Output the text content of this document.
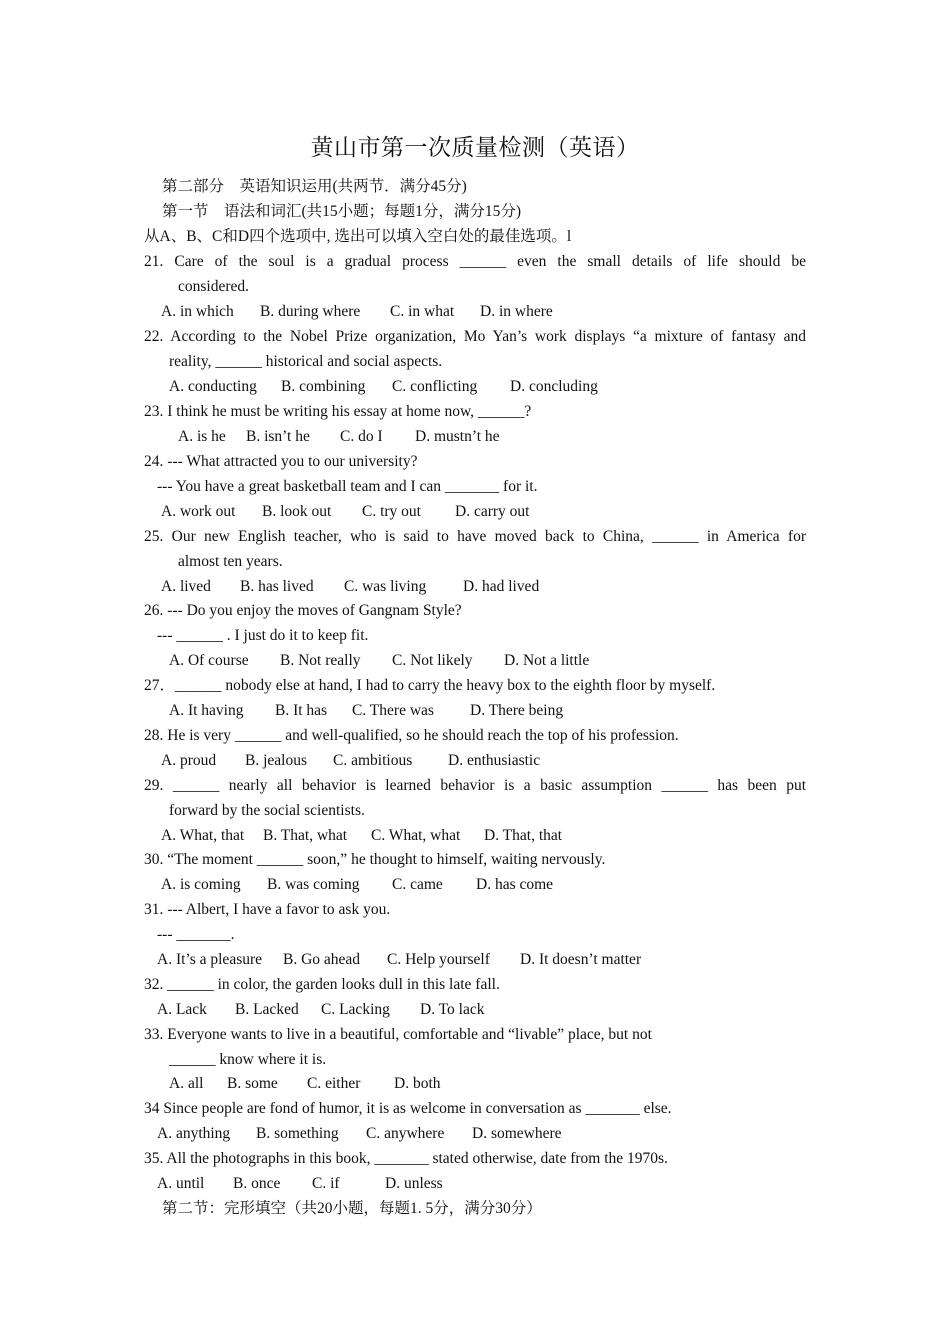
黄山市第一次质量检测（英语）
第二部分　英语知识运用(共两节．满分45分)
第一节　语法和词汇(共15小题；每题1分，满分15分)
从A、B、C和D四个选项中, 选出可以填入空白处的最佳选项。l
21. Care of the soul is a gradual process ______ even the small details of life should be
considered.
A. in which B. during where C. in what D. in where
22. According to the Nobel Prize organization, Mo Yan’s work displays “a mixture of fantasy and
reality, ______ historical and social aspects.
A. conducting B. combining C. conflicting D. concluding
23. I think he must be writing his essay at home now, ______?
A. is he B. isn’t he C. do I D. mustn’t he
24. --- What attracted you to our university?
--- You have a great basketball team and I can _______ for it.
A. work out B. look out C. try out D. carry out
25. Our new English teacher, who is said to have moved back to China, ______ in America for
almost ten years.
A. lived B. has lived C. was living D. had lived
26. --- Do you enjoy the moves of Gangnam Style?
--- ______ . I just do it to keep fit.
A. Of course B. Not really C. Not likely D. Not a little
27．______ nobody else at hand, I had to carry the heavy box to the eighth floor by myself.
A. It having B. It has C. There was D. There being
28. He is very ______ and well-qualified, so he should reach the top of his profession.
A. proud B. jealous C. ambitious D. enthusiastic
29. ______ nearly all behavior is learned behavior is a basic assumption ______ has been put
forward by the social scientists.
A. What, that B. That, what C. What, what D. That, that
30. “The moment ______ soon,” he thought to himself, waiting nervously.
A. is coming B. was coming C. came D. has come
31. --- Albert, I have a favor to ask you.
--- _______.
A. It’s a pleasure B. Go ahead C. Help yourself D. It doesn’t matter
32. ______ in color, the garden looks dull in this late fall.
A. Lack B. Lacked C. Lacking D. To lack
33. Everyone wants to live in a beautiful, comfortable and “livable” place, but not
______ know where it is.
A. all B. some C. either D. both
34 Since people are fond of humor, it is as welcome in conversation as _______ else.
A. anything B. something C. anywhere D. somewhere
35. All the photographs in this book, _______ stated otherwise, date from the 1970s.
A. until B. once C. if	D. unless
第二节：完形填空（共20小题，每题1. 5分，满分30分）
